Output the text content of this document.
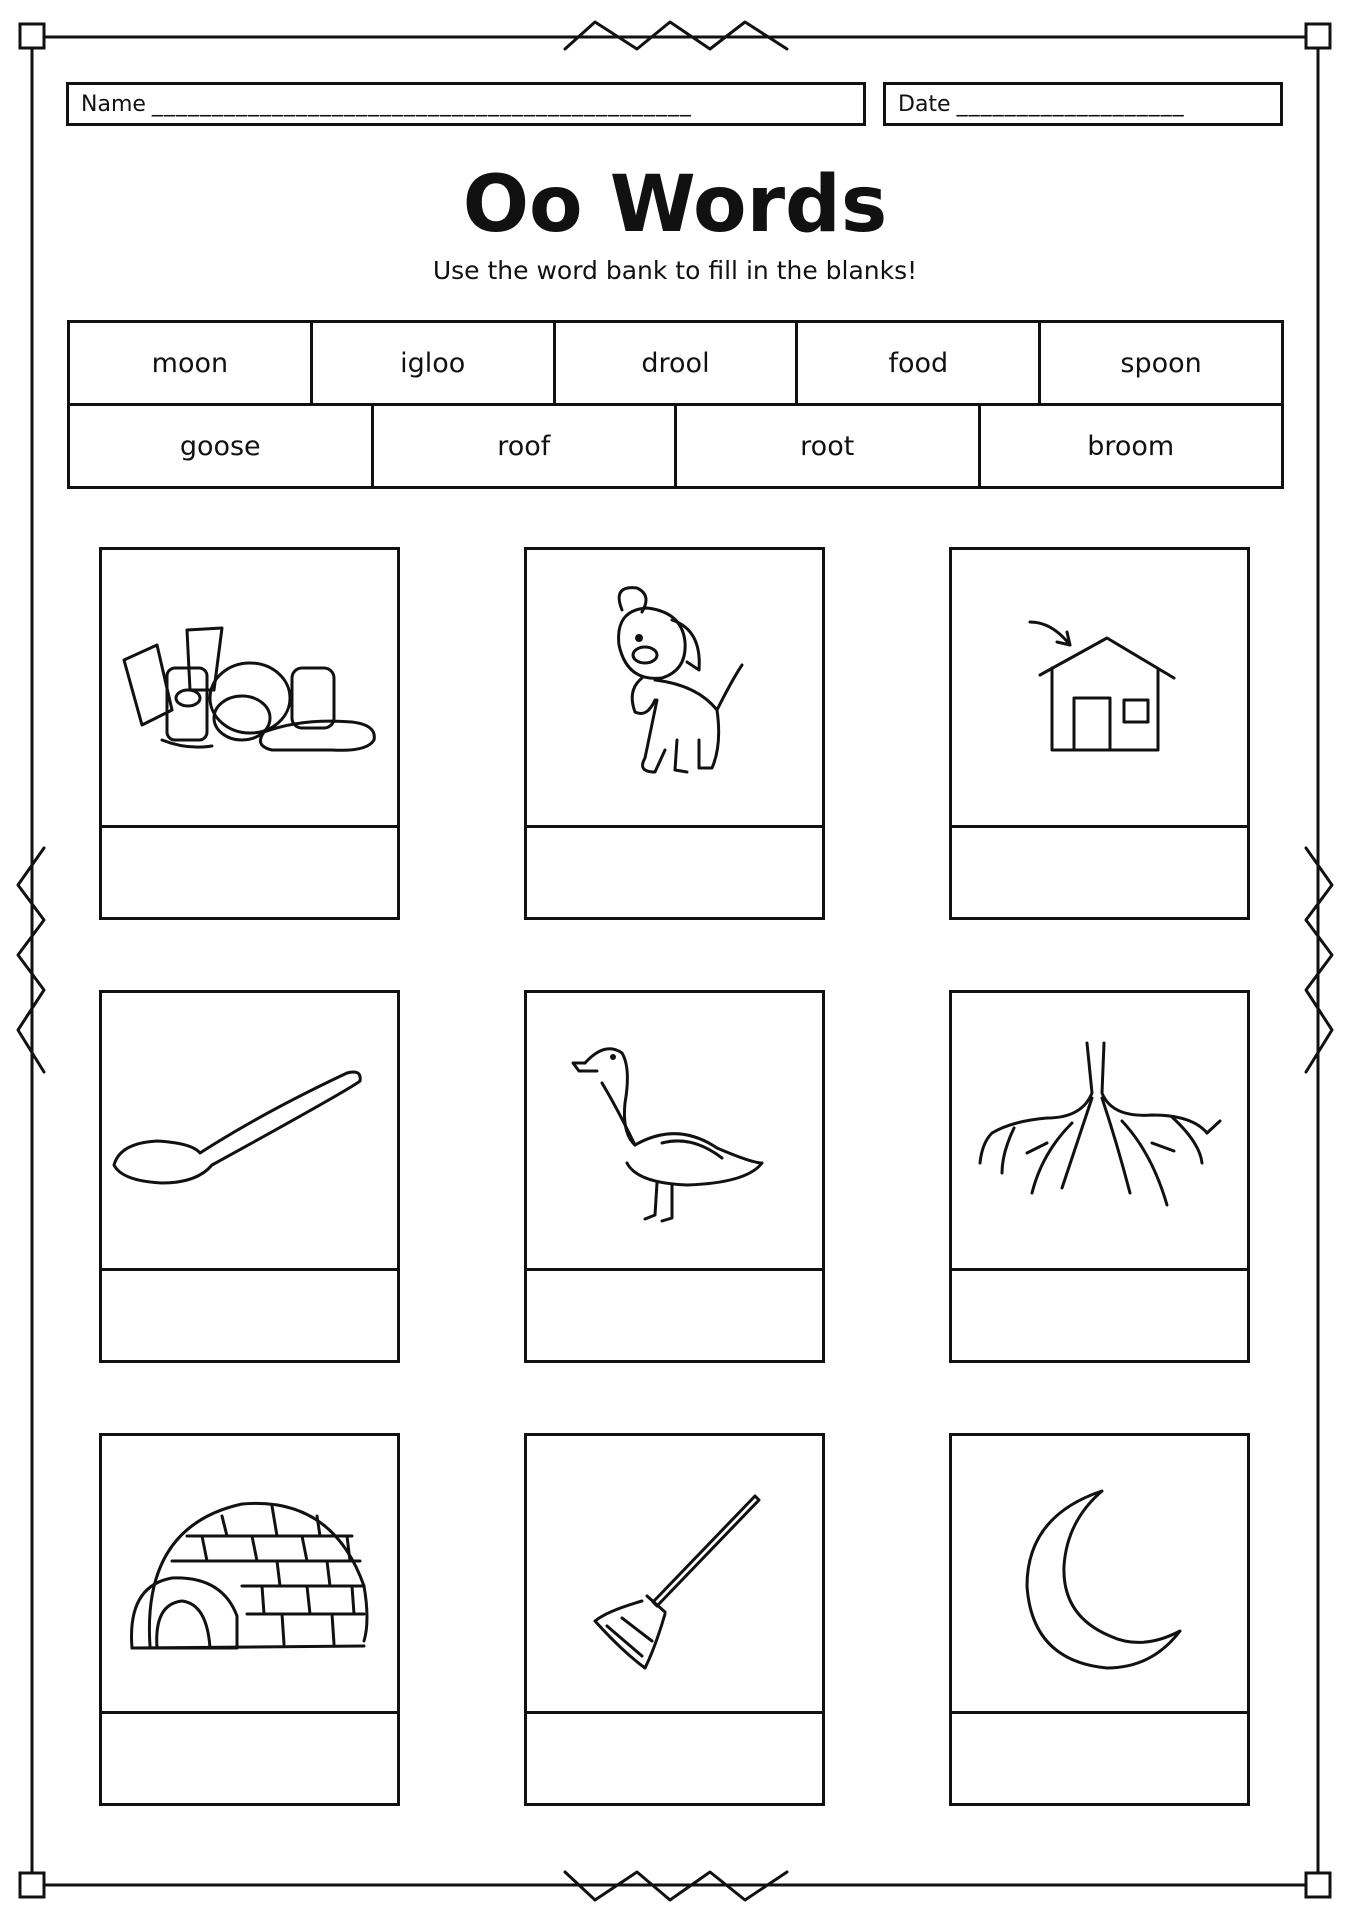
Name _____________________________________________	Date ___________________
Oo Words
Use the word bank to fill in the blanks!
moon	igloo	drool	food	spoon
goose	roof	root	broom
